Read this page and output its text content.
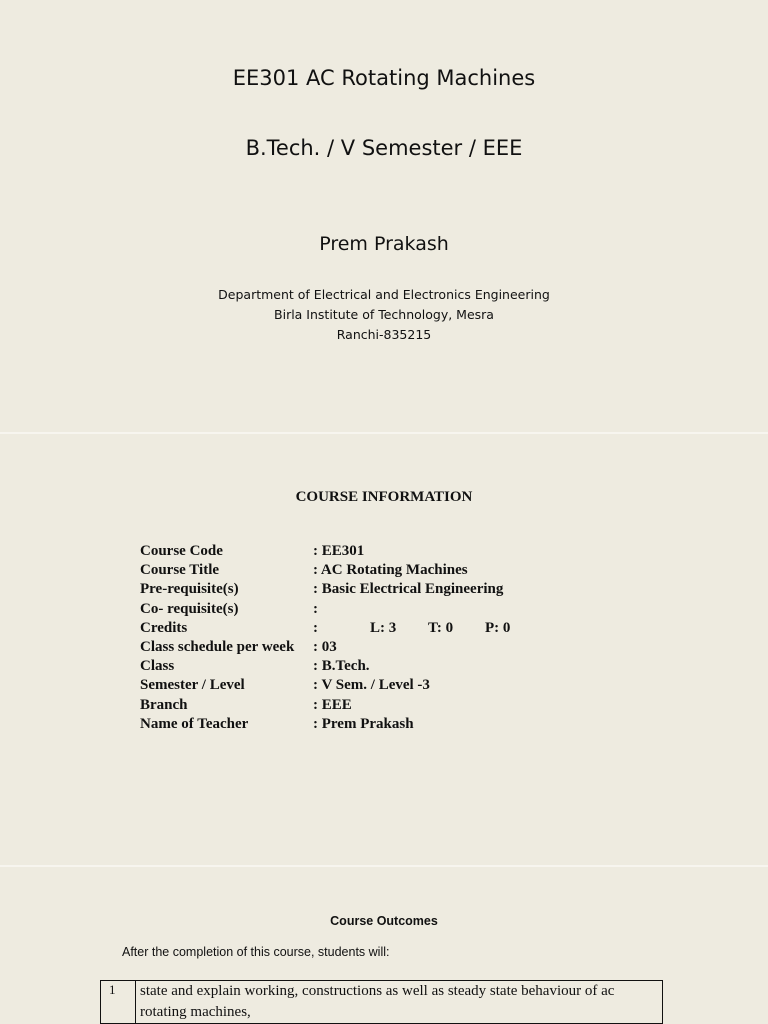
EE301 AC Rotating Machines
B.Tech. / V Semester / EEE
Prem Prakash
Department of Electrical and Electronics Engineering
Birla Institute of Technology, Mesra
Ranchi-835215
COURSE INFORMATION
Course Code	: EE301
Course Title	: AC Rotating Machines
Pre-requisite(s)	: Basic Electrical Engineering
Co- requisite(s)	:
Credits	:	L: 3 T: 0 P: 0
Class schedule per week : 03
Class	: B.Tech.
Semester / Level	: V Sem. / Level -3
Branch	: EEE
Name of Teacher	: Prem Prakash
Course Outcomes
After the completion of this course, students will:
1	state and explain working, constructions as well as steady state behaviour of ac rotating machines,
